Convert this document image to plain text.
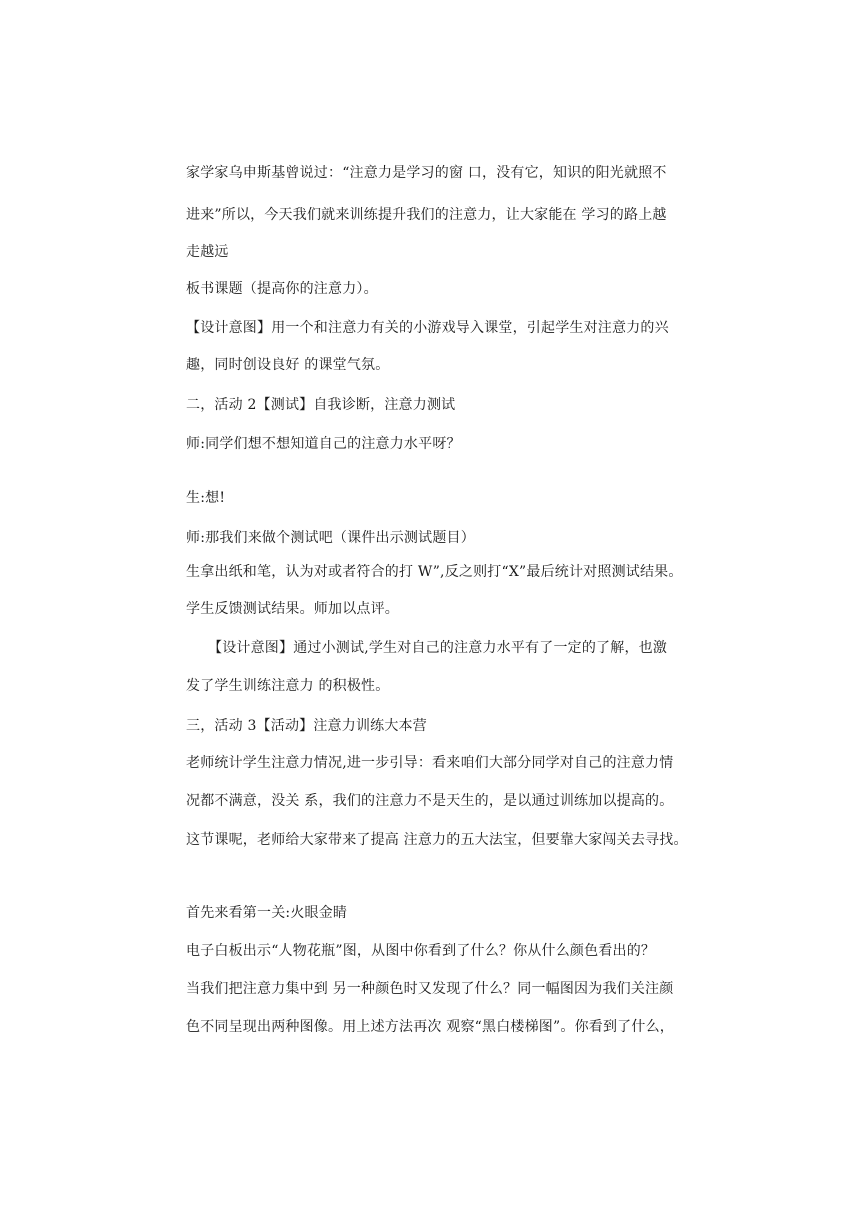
家学家乌申斯基曾说过：“注意力是学习的窗 口，没有它，知识的阳光就照不
进来”所以，今天我们就来训练提升我们的注意力，让大家能在 学习的路上越
走越远
板书课题（提高你的注意力）。
【设计意图】用一个和注意力有关的小游戏导入课堂，引起学生对注意力的兴
趣，同时创设良好 的课堂气氛。
二，活动 2【测试】自我诊断，注意力测试
师:同学们想不想知道自己的注意力水平呀？
生:想!
师:那我们来做个测试吧（课件出示测试题目）
生拿出纸和笔，认为对或者符合的打 W”,反之则打“X”最后统计对照测试结果。
学生反馈测试结果。师加以点评。
【设计意图】通过小测试,学生对自己的注意力水平有了一定的了解，也激
发了学生训练注意力 的积极性。
三，活动 3【活动】注意力训练大本营
老师统计学生注意力情况,进一步引导：看来咱们大部分同学对自己的注意力情
况都不满意，没关 系，我们的注意力不是天生的，是以通过训练加以提高的。
这节课呢，老师给大家带来了提高 注意力的五大法宝，但要靠大家闯关去寻找。
首先来看第一关:火眼金睛
电子白板出示“人物花瓶”图，从图中你看到了什么？你从什么颜色看出的？
当我们把注意力集中到 另一种颜色时又发现了什么？同一幅图因为我们关注颜
色不同呈现出两种图像。用上述方法再次 观察“黑白楼梯图”。你看到了什么，
